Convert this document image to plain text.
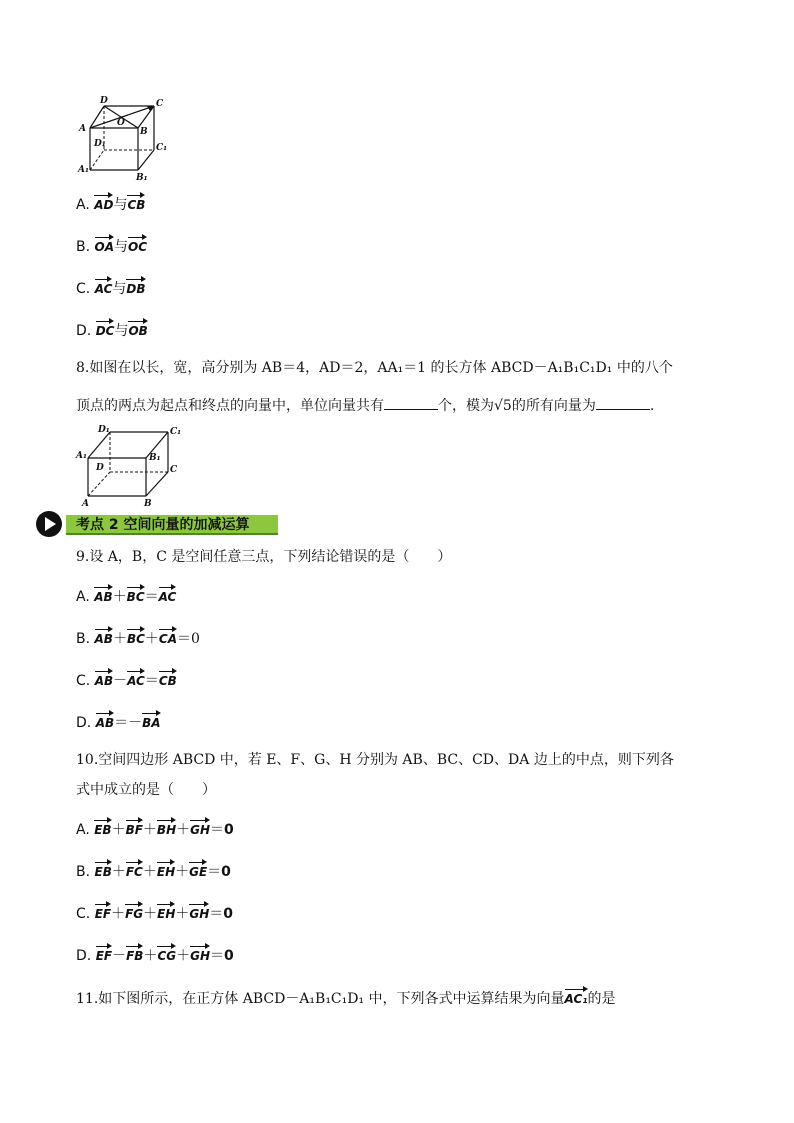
D	C
A
O
B
D₁	C₁
A₁
B₁
A. AD与CB
B. OA与OC
C. AC与DB
D. DC与OB
8.如图在以长，宽，高分别为 AB＝4，AD＝2，AA₁＝1 的长方体 ABCD－A₁B₁C₁D₁ 中的八个
顶点的两点为起点和终点的向量中，单位向量共有	个，模为√5的所有向量为	.
D₁	C₁
A₁	B₁
D	C
A	B
考点 2 空间向量的加减运算
9.设 A，B，C 是空间任意三点，下列结论错误的是（　　）
A. AB＋BC＝AC
B. AB＋BC＋CA＝0
C. AB－AC＝CB
D. AB＝－BA
10.空间四边形 ABCD 中，若 E、F、G、H 分别为 AB、BC、CD、DA 边上的中点，则下列各
式中成立的是（　　）
A. EB＋BF＋BH＋GH＝0
B. EB＋FC＋EH＋GE＝0
C. EF＋FG＋EH＋GH＝0
D. EF－FB＋CG＋GH＝0
11.如下图所示，在正方体 ABCD－A₁B₁C₁D₁ 中，下列各式中运算结果为向量AC₁的是
